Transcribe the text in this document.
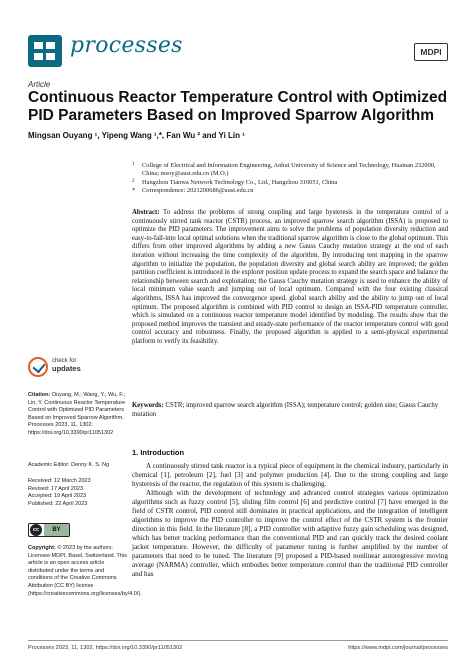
processes	MDPI
Article
Continuous Reactor Temperature Control with Optimized PID Parameters Based on Improved Sparrow Algorithm
Mingsan Ouyang ¹, Yipeng Wang ¹,*, Fan Wu ² and Yi Lin ¹
1 College of Electrical and Information Engineering, Anhui University of Science and Technology, Huainan 232000, China; msoy@aust.edu.cn (M.O.)
2 Hangzhou Tianwa Network Technology Co., Ltd., Hangzhou 310051, China
* Correspondence: 2021200686@aust.edu.cn
check for
updates
Citation: Ouyang, M.; Wang, Y.; Wu, F.; Lin, Y. Continuous Reactor Temperature Control with Optimized PID Parameters Based on Improved Sparrow Algorithm. Processes 2023, 11, 1302. https://doi.org/10.3390/pr11051302
Academic Editor: Denny K. S. Ng
Received: 12 March 2023
Revised: 17 April 2023
Accepted: 19 April 2023
Published: 22 April 2023
cc	BY
Copyright: © 2023 by the authors. Licensee MDPI, Basel, Switzerland. This article is an open access article distributed under the terms and conditions of the Creative Commons Attribution (CC BY) license (https://creativecommons.org/licenses/by/4.0/).
Abstract: To address the problems of strong coupling and large hysteresis in the temperature control of a continuously stirred tank reactor (CSTR) process, an improved sparrow search algorithm (ISSA) is proposed to optimize the PID parameters. The improvement aims to solve the problems of population diversity reduction and easy-to-fall-into local optimal solutions when the traditional sparrow algorithm is close to the global optimum. This differs from other improved algorithms by adding a new Gauss Cauchy mutation strategy at the end of each iteration without increasing the time complexity of the algorithm. By introducing tent mapping in the sparrow algorithm to initialize the population, the population diversity and global search ability are improved; the golden partition coefficient is introduced in the explorer position update process to expand the search space and balance the relationship between search and exploitation; the Gauss Cauchy mutation strategy is used to enhance the ability of local minimum value search and jumping out of local optimum. Compared with the four existing classical algorithms, ISSA has improved the convergence speed, global search ability and the ability to jump out of local optimum. The proposed algorithm is combined with PID control to design an ISSA-PID temperature controller, which is simulated on a continuous reactor temperature model identified by modeling. The results show that the proposed method improves the transient and steady-state performance of the reactor temperature control with good control accuracy and robustness. Finally, the proposed algorithm is applied to a semi-physical experimental platform to verify its feasibility.
Keywords: CSTR; improved sparrow search algorithm (ISSA); temperature control; golden sine; Gauss Cauchy mutation
1. Introduction

A continuously stirred tank reactor is a typical piece of equipment in the chemical industry, particularly in chemical [1], petroleum [2], fuel [3] and polymer production [4]. Due to the strong coupling and large hysteresis of the reactor, the regulation of this system is challenging.

Although with the development of technology and advanced control strategies various optimization algorithms such as fuzzy control [5], sliding film control [6] and predictive control [7] have emerged in the field of CSTR control, PID control still dominates in practical applications, and the integration of intelligent algorithms to improve the PID controller to improve the control effect of the CSTR system is the frontier direction in this field. In the literature [8], a PID controller with adaptive fuzzy gain scheduling was designed, which has better tracking performance than the conventional PID and can quickly track the desired coolant jacket temperature. However, the difficulty of parameter tuning is further amplified by the number of parameters that need to be tuned. The literature [9] proposed a PID-based nonlinear autoregressive moving average (NARMA) controller, which embodies better temperature control than the traditional PID controller and has

Processes 2023, 11, 1302. https://doi.org/10.3390/pr11051302	https://www.mdpi.com/journal/processes
